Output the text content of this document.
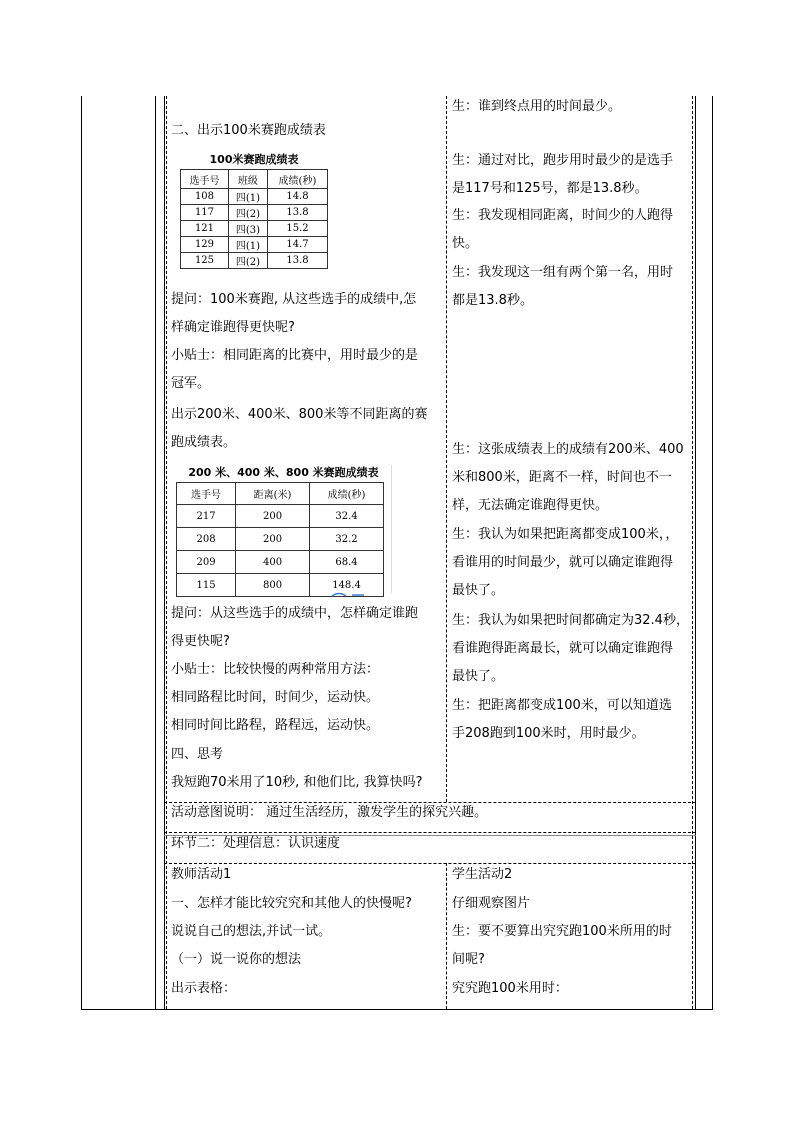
二、出示100米赛跑成绩表
100米赛跑成绩表
选手号	班级	成绩(秒)
108	四(1)	14.8
117	四(2)	13.8
121	四(3)	15.2
129	四(1)	14.7
125	四(2)	13.8
提问：100米赛跑, 从这些选手的成绩中,怎
样确定谁跑得更快呢?
小贴士：相同距离的比赛中，用时最少的是
冠军。
出示200米、400米、800米等不同距离的赛
跑成绩表。
200 米、400 米、800 米赛跑成绩表
选手号	距离(米)	成绩(秒)
217	200	32.4
208	200	32.2
209	400	68.4
115	800	148.4
提问：从这些选手的成绩中，怎样确定谁跑
得更快呢?
小贴士：比较快慢的两种常用方法：
相同路程比时间，时间少，运动快。
相同时间比路程，路程远，运动快。
四、思考
我短跑70米用了10秒, 和他们比, 我算快吗?
生：谁到终点用的时间最少。
生：通过对比，跑步用时最少的是选手
是117号和125号，都是13.8秒。
生：我发现相同距离，时间少的人跑得
快。
生：我发现这一组有两个第一名，用时
都是13.8秒。
生：这张成绩表上的成绩有200米、400
米和800米，距离不一样，时间也不一
样，无法确定谁跑得更快。
生：我认为如果把距离都变成100米，，
看谁用的时间最少，就可以确定谁跑得
最快了。
生：我认为如果把时间都确定为32.4秒，
看谁跑得距离最长，就可以确定谁跑得
最快了。
生：把距离都变成100米，可以知道选
手208跑到100米时，用时最少。
活动意图说明： 通过生活经历，激发学生的探究兴趣。
环节二：处理信息：认识速度
教师活动1
一、怎样才能比较究究和其他人的快慢呢?
说说自己的想法,并试一试。
（一）说一说你的想法
出示表格：
学生活动2
仔细观察图片
生：要不要算出究究跑100米所用的时
间呢?
究究跑100米用时：
